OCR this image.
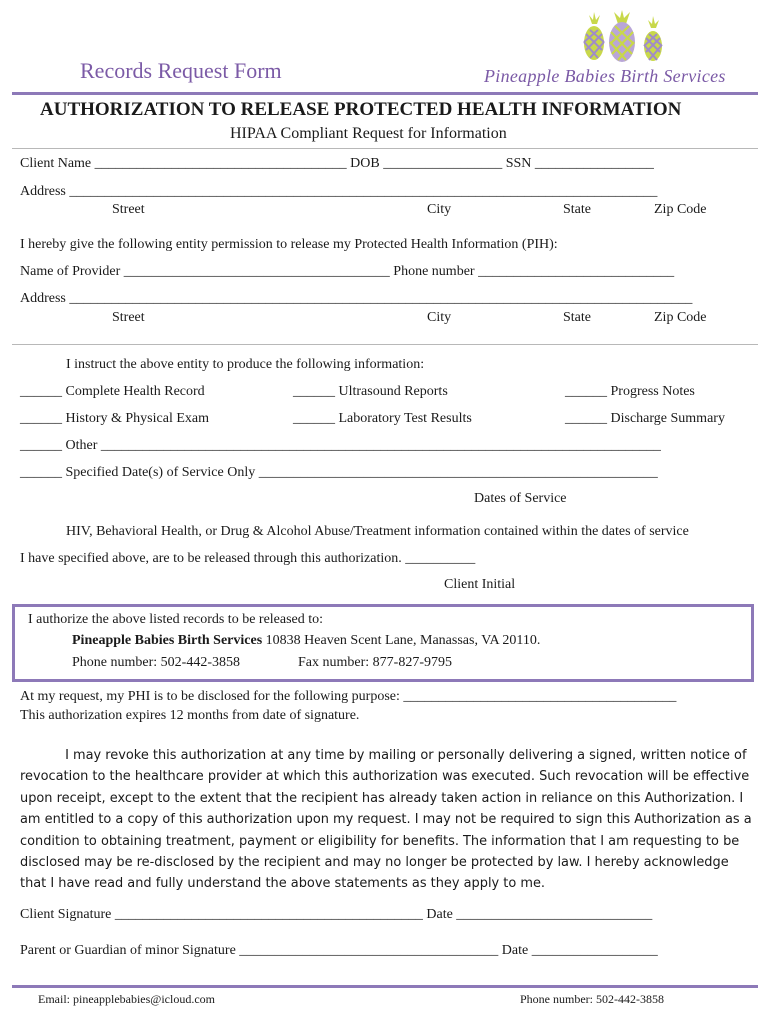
Records Request Form	Pineapple Babies Birth Services
AUTHORIZATION TO RELEASE PROTECTED HEALTH INFORMATION
HIPAA Compliant Request for Information
Client Name ____________________________________ DOB _________________ SSN _________________
Address ____________________________________________________________________________________
Street	City	State	Zip Code
I hereby give the following entity permission to release my Protected Health Information (PIH):
Name of Provider ______________________________________ Phone number ____________________________
Address _________________________________________________________________________________________
Street	City	State	Zip Code
I instruct the above entity to produce the following information:
______ Complete Health Record	______ Ultrasound Reports	______ Progress Notes
______ History & Physical Exam	______ Laboratory Test Results	______ Discharge Summary
______ Other ________________________________________________________________________________
______ Specified Date(s) of Service Only _________________________________________________________
Dates of Service
HIV, Behavioral Health, or Drug & Alcohol Abuse/Treatment information contained within the dates of service
I have specified above, are to be released through this authorization. __________
Client Initial
I authorize the above listed records to be released to:
Pineapple Babies Birth Services 10838 Heaven Scent Lane, Manassas, VA 20110.
Phone number: 502-442-3858	Fax number: 877-827-9795
At my request, my PHI is to be disclosed for the following purpose: _______________________________________
This authorization expires 12 months from date of signature.
I may revoke this authorization at any time by mailing or personally delivering a signed, written notice of
revocation to the healthcare provider at which this authorization was executed. Such revocation will be effective
upon receipt, except to the extent that the recipient has already taken action in reliance on this Authorization. I
am entitled to a copy of this authorization upon my request. I may not be required to sign this Authorization as a
condition to obtaining treatment, payment or eligibility for benefits. The information that I am requesting to be
disclosed may be re-disclosed by the recipient and may no longer be protected by law. I hereby acknowledge
that I have read and fully understand the above statements as they apply to me.
Client Signature ____________________________________________ Date ____________________________
Parent or Guardian of minor Signature _____________________________________ Date __________________
Email: pineapplebabies@icloud.com	Phone number: 502-442-3858
